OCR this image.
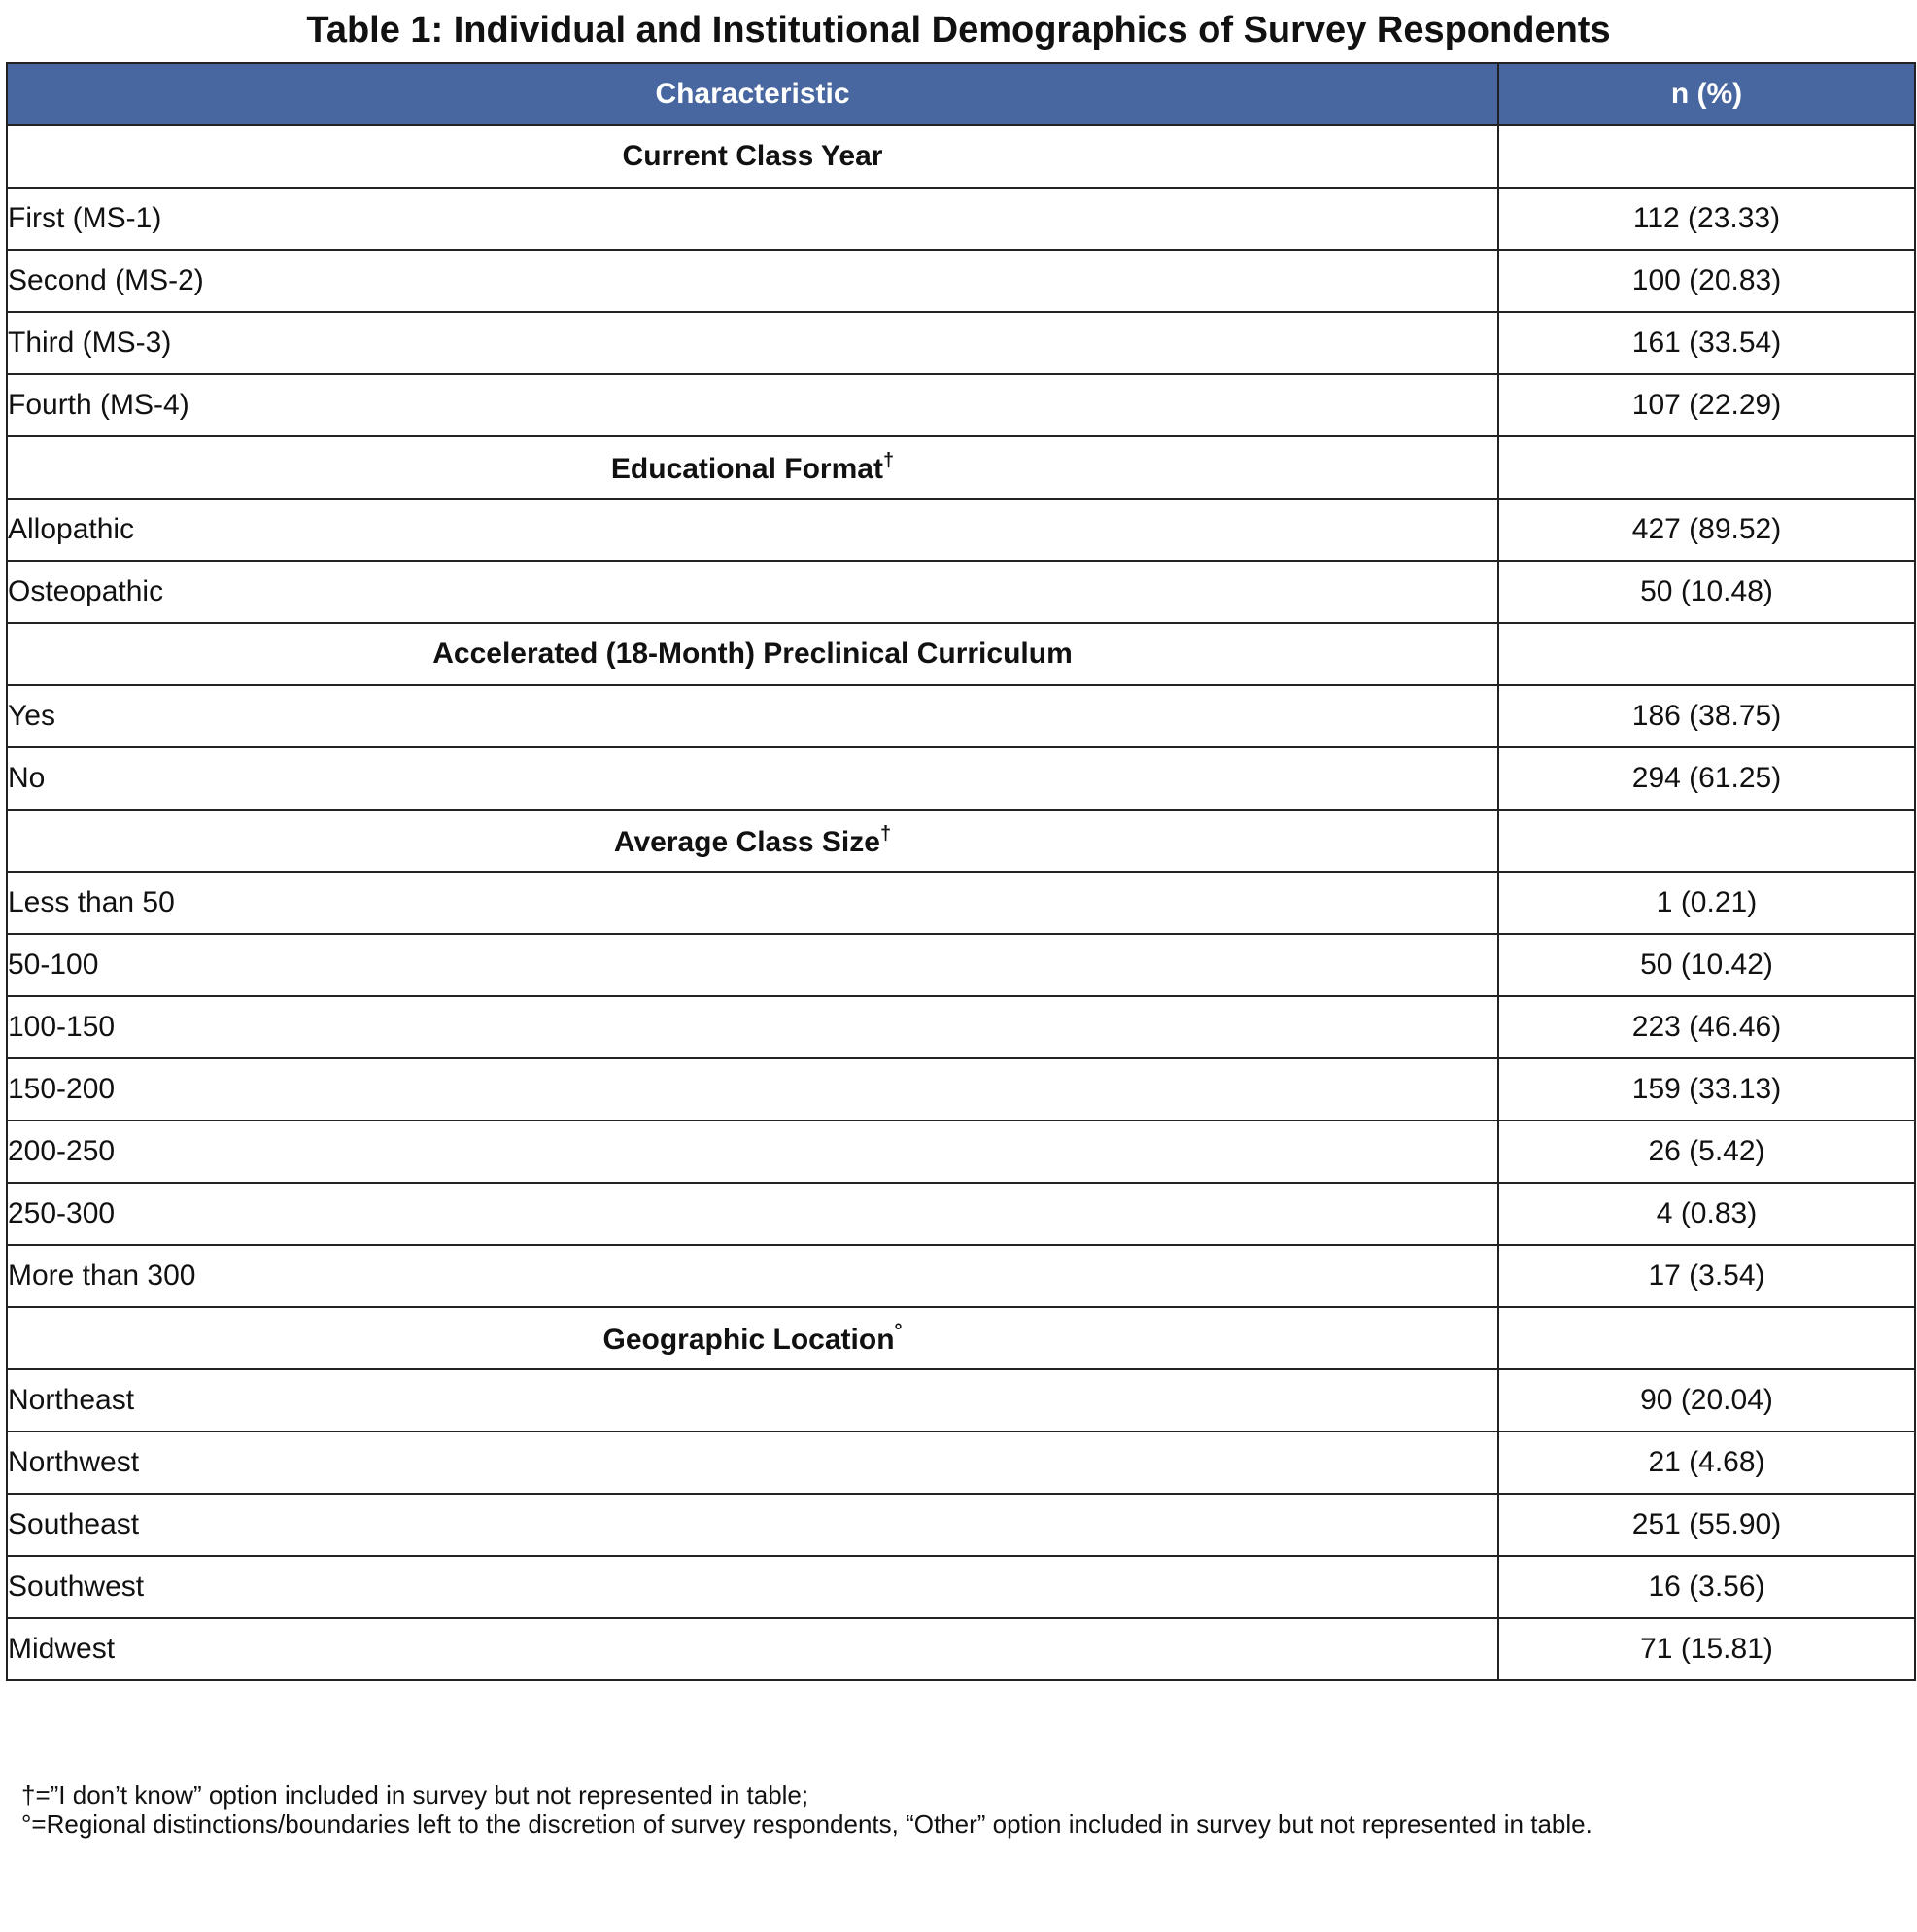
Table 1: Individual and Institutional Demographics of Survey Respondents
Characteristic	n (%)
Current Class Year	
First (MS-1)	112 (23.33)
Second (MS-2)	100 (20.83)
Third (MS-3)	161 (33.54)
Fourth (MS-4)	107 (22.29)
Educational Format†	
Allopathic	427 (89.52)
Osteopathic	50 (10.48)
Accelerated (18-Month) Preclinical Curriculum	
Yes	186 (38.75)
No	294 (61.25)
Average Class Size†	
Less than 50	1 (0.21)
50-100	50 (10.42)
100-150	223 (46.46)
150-200	159 (33.13)
200-250	26 (5.42)
250-300	4 (0.83)
More than 300	17 (3.54)
Geographic Location°	
Northeast	90 (20.04)
Northwest	21 (4.68)
Southeast	251 (55.90)
Southwest	16 (3.56)
Midwest	71 (15.81)
†=”I don’t know” option included in survey but not represented in table;
°=Regional distinctions/boundaries left to the discretion of survey respondents, “Other” option included in survey but not represented in table.
